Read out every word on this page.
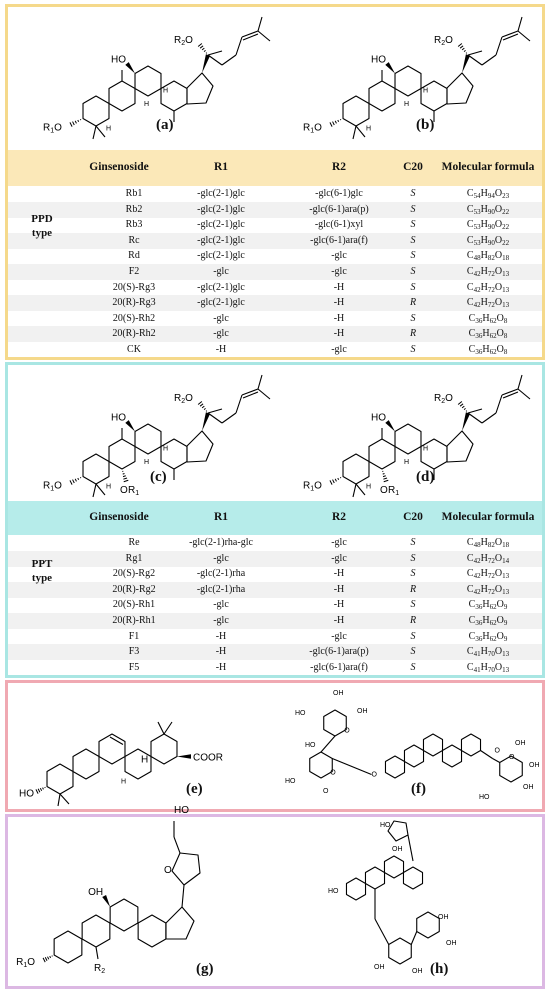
$R_1O$	H
HO
H
H
$R_2O$
(a)	$R_1O$	H
HO
H
H
$R_2O$
(b)
Ginsenoside	R1	R2	C20	Molecular formula
Rb1	-glc(2-1)glc	-glc(6-1)glc	S	$C_{54}H_{94}O_{23}$
Rb2	-glc(2-1)glc	-glc(6-1)ara(p)	S	$C_{53}H_{90}O_{22}$
Rb3	-glc(2-1)glc	-glc(6-1)xyl	S	$C_{53}H_{90}O_{22}$
Rc	-glc(2-1)glc	-glc(6-1)ara(f)	S	$C_{53}H_{90}O_{22}$
Rd	-glc(2-1)glc	-glc	S	$C_{48}H_{82}O_{18}$
F2	-glc	-glc	S	$C_{42}H_{72}O_{13}$
20(S)-Rg3	-glc(2-1)glc	-H	S	$C_{42}H_{72}O_{13}$
20(R)-Rg3	-glc(2-1)glc	-H	R	$C_{42}H_{72}O_{13}$
20(S)-Rh2	-glc	-H	S	$C_{36}H_{62}O_8$
20(R)-Rh2	-glc	-H	R	$C_{36}H_{62}O_8$
CK	-H	-glc	S	$C_{36}H_{62}O_8$
PPD
type
$R_1O$	H
HO
H
H
$R_2O$
O $R_1$
(c)
$R_1O$	H
HO
H
H
$R_2O$
O $R_1$
(d)
Ginsenoside	R1	R2	C20	Molecular formula
Re	-glc(2-1)rha-glc	-glc	S	$C_{48}H_{82}O_{18}$
Rg1	-glc	-glc	S	$C_{42}H_{72}O_{14}$
20(S)-Rg2	-glc(2-1)rha	-H	S	$C_{42}H_{72}O_{13}$
20(R)-Rg2	-glc(2-1)rha	-H	R	$C_{42}H_{72}O_{13}$
20(S)-Rh1	-glc	-H	S	$C_{36}H_{62}O_9$
20(R)-Rh1	-glc	-H	R	$C_{36}H_{62}O_9$
F1	-H	-glc	S	$C_{36}H_{62}O_9$
F3	-H	-glc(6-1)ara(p)	S	$C_{41}H_{70}O_{13}$
F5	-H	-glc(6-1)ara(f)	S	$C_{41}H_{70}O_{13}$
PPT
type
HO
H
H	COOR
(e)
O
O
O
O
OH
OH
HO
HO
HO
O
OH
OH
OH
HO
O
(f)
$R_1O$
OH
$R_2$
O
HO
(g)
HO
HO
OH
OH
OH
OH
OH	(h)
